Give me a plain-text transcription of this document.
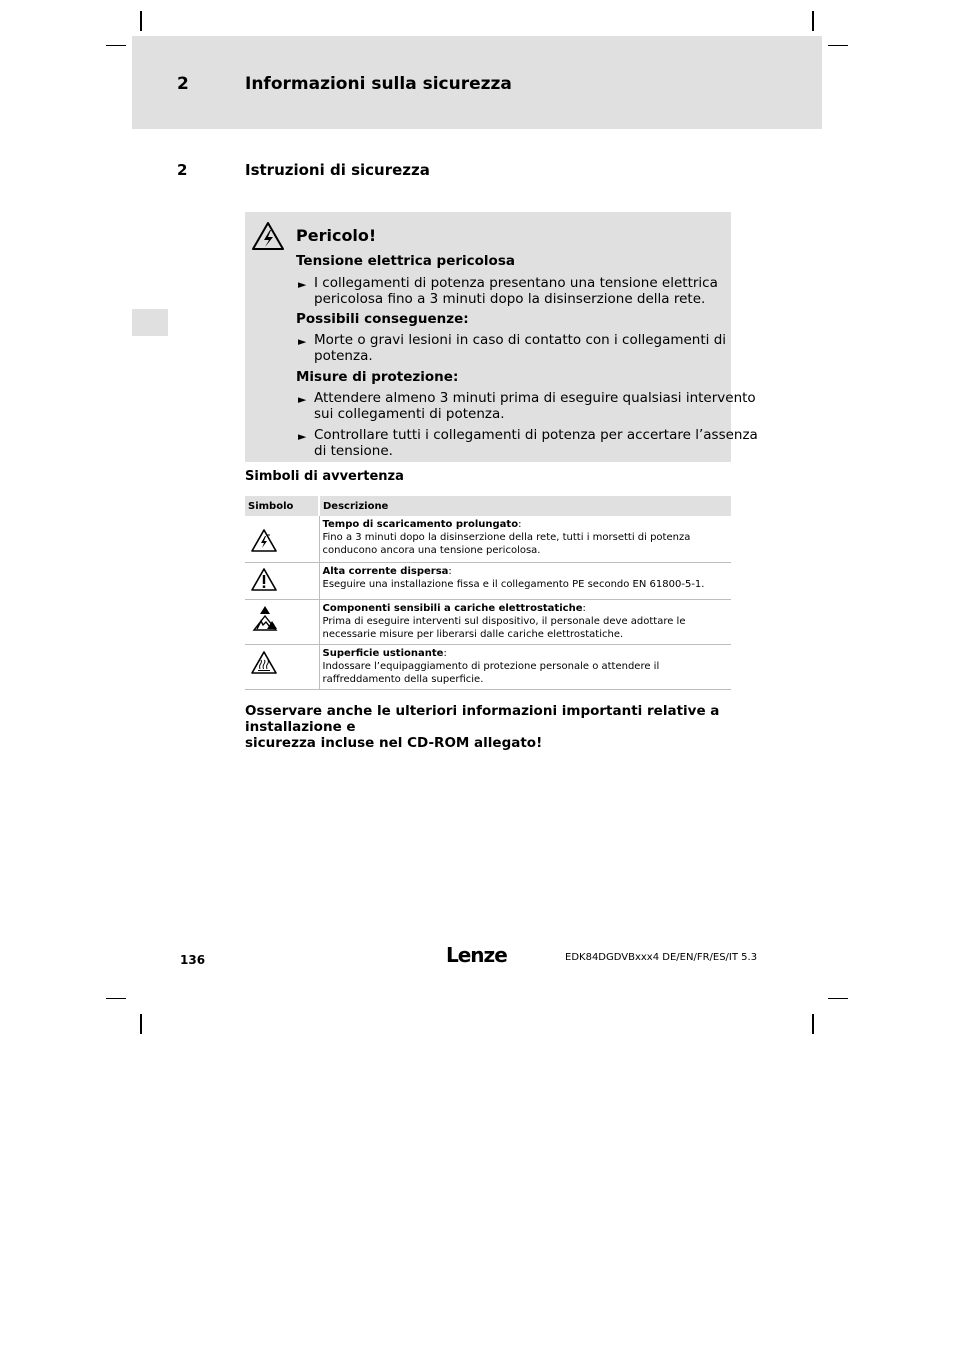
2	Informazioni sulla sicurezza
2	Istruzioni di sicurezza
Pericolo!
Tensione elettrica pericolosa
► I collegamenti di potenza presentano una tensione elettrica
pericolosa fino a 3 minuti dopo la disinserzione della rete.
Possibili conseguenze:
► Morte o gravi lesioni in caso di contatto con i collegamenti di
potenza.
Misure di protezione:
► Attendere almeno 3 minuti prima di eseguire qualsiasi intervento
sui collegamenti di potenza.
► Controllare tutti i collegamenti di potenza per accertare l’assenza
di tensione.
Simboli di avvertenza
Simbolo	Descrizione
	Tempo di scaricamento prolungato:
Fino a 3 minuti dopo la disinserzione della rete, tutti i morsetti di potenza conducono ancora una tensione pericolosa.
	Alta corrente dispersa:
Eseguire una installazione fissa e il collegamento PE secondo EN 61800-5-1.
	Componenti sensibili a cariche elettrostatiche:
Prima di eseguire interventi sul dispositivo, il personale deve adottare le necessarie misure per liberarsi dalle cariche elettrostatiche.
	Superficie ustionante:
Indossare l’equipaggiamento di protezione personale o attendere il raffreddamento della superficie.
Osservare anche le ulteriori informazioni importanti relative a installazione e
sicurezza incluse nel CD-ROM allegato!
136	Lenze	EDK84DGDVBxxx4 DE/EN/FR/ES/IT 5.3
